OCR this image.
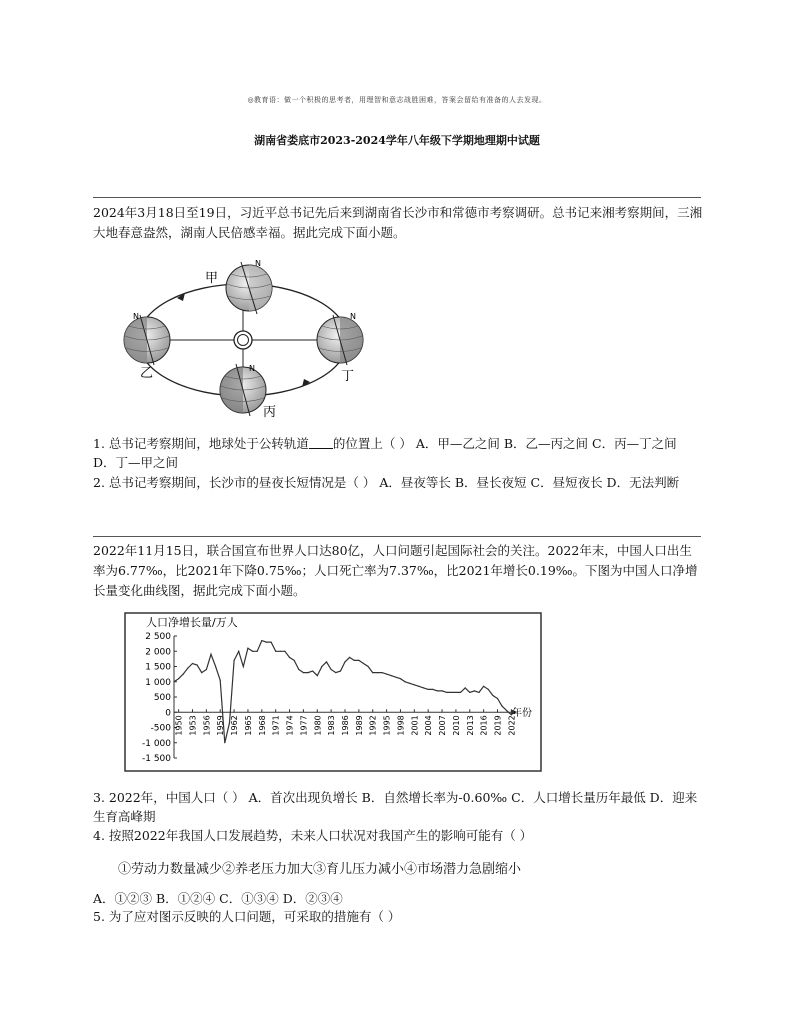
◎教育语：做一个积极的思考者，用理智和意志战胜困难，答案会留给有准备的人去发现。
湖南省娄底市2023-2024学年八年级下学期地理期中试题
2024年3月18日至19日，习近平总书记先后来到湖南省长沙市和常德市考察调研。总书记来湘考察期间，三湘大地春意盎然，湖南人民倍感幸福。据此完成下面小题。
N
N
N	N
甲
乙
丙
丁
1. 总书记考察期间，地球处于公转轨道 的位置上（ ） A．甲—乙之间 B．乙—丙之间 C．丙—丁之间 D．丁—甲之间
2. 总书记考察期间，长沙市的昼夜长短情况是（ ） A．昼夜等长 B．昼长夜短 C．昼短夜长 D．无法判断
2022年11月15日，联合国宣布世界人口达80亿，人口问题引起国际社会的关注。2022年末，中国人口出生率为6.77‰，比2021年下降0.75‰；人口死亡率为7.37‰，比2021年增长0.19‰。下图为中国人口净增长量变化曲线图，据此完成下面小题。
人口净增长量/万人
2 500
2 000
1 500
1 000
500
0
-500
-1 000
-1 500
1950 1953 1956 1959 1962 1965 1968 1971 1974 1977 1980 1983 1986 1989 1992 1995 1998 2001 2004 2007 2010 2013 2016 2019 2022
年份
3. 2022年，中国人口（ ） A．首次出现负增长 B．自然增长率为-0.60‰ C．人口增长量历年最低 D．迎来生育高峰期
4. 按照2022年我国人口发展趋势，未来人口状况对我国产生的影响可能有（ ）
①劳动力数量减少②养老压力加大③育儿压力减小④市场潜力急剧缩小
A．①②③ B．①②④ C．①③④ D．②③④
5. 为了应对图示反映的人口问题，可采取的措施有（ ）
